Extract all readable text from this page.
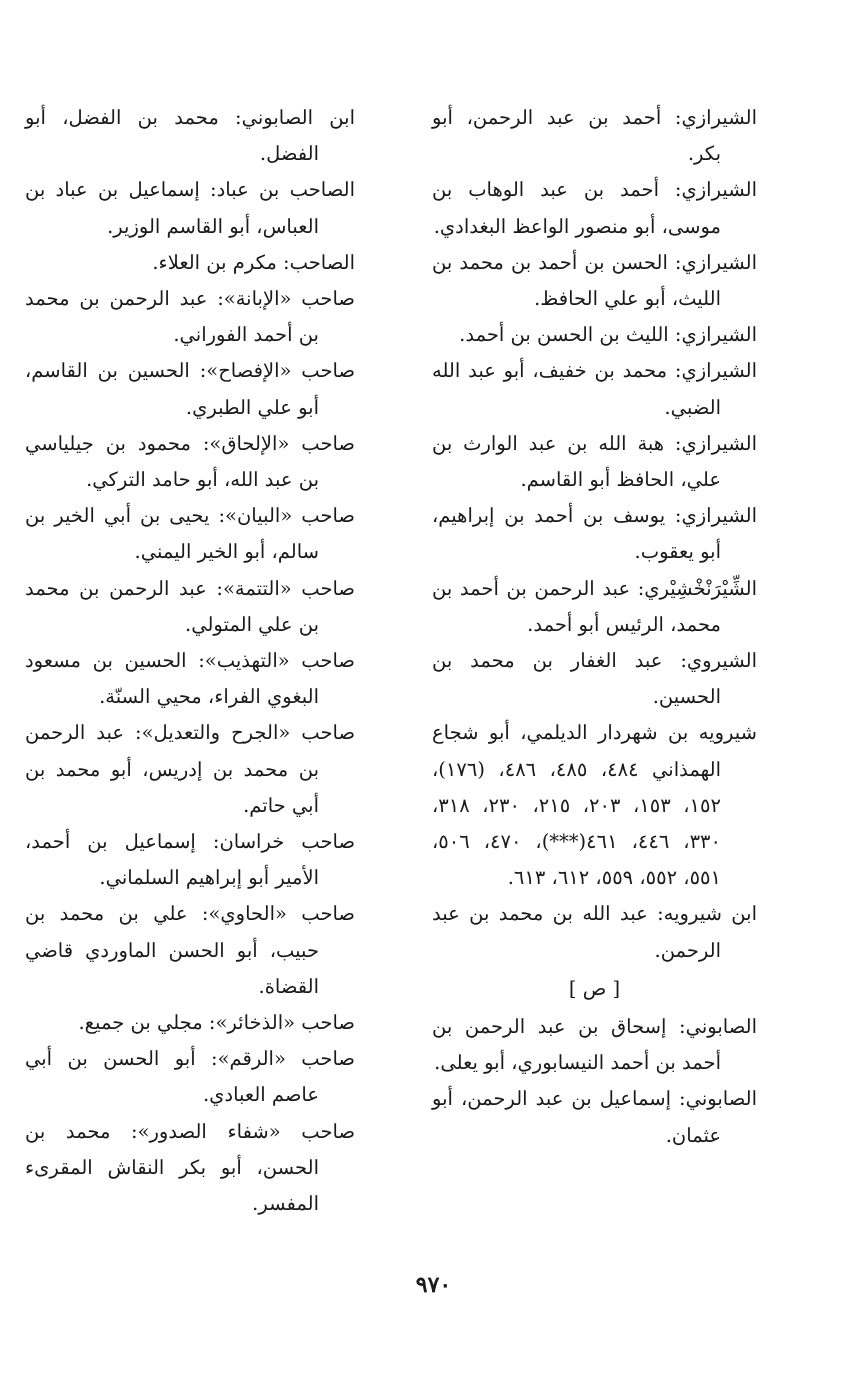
الشيرازي: أحمد بن عبد الرحمن، أبو بكر.
الشيرازي: أحمد بن عبد الوهاب بن موسى، أبو منصور الواعظ البغدادي.
الشيرازي: الحسن بن أحمد بن محمد بن الليث، أبو علي الحافظ.
الشيرازي: الليث بن الحسن بن أحمد.
الشيرازي: محمد بن خفيف، أبو عبد الله الضبي.
الشيرازي: هبة الله بن عبد الوارث بن علي، الحافظ أبو القاسم.
الشيرازي: يوسف بن أحمد بن إبراهيم، أبو يعقوب.
الشِّيْرَنْخْشِيْري: عبد الرحمن بن أحمد بن محمد، الرئيس أبو أحمد.
الشيروي: عبد الغفار بن محمد بن الحسين.
شيرويه بن شهردار الديلمي، أبو شجاع الهمذاني ٤٨٤، ٤٨٥، ٤٨٦، (١٧٦)، ١٥٢، ١٥٣، ٢٠٣، ٢١٥، ٢٣٠، ٣١٨، ٣٣٠، ٤٤٦، ٤٦١(***)، ٤٧٠، ٥٠٦، ٥٥١، ٥٥٢، ٥٥٩، ٦١٢، ٦١٣.
ابن شيرويه: عبد الله بن محمد بن عبد الرحمن.
[ ص ]
الصابوني: إسحاق بن عبد الرحمن بن أحمد بن أحمد النيسابوري، أبو يعلى.
الصابوني: إسماعيل بن عبد الرحمن، أبو عثمان.
ابن الصابوني: محمد بن الفضل، أبو الفضل.
الصاحب بن عباد: إسماعيل بن عباد بن العباس، أبو القاسم الوزير.
الصاحب: مكرم بن العلاء.
صاحب «الإبانة»: عبد الرحمن بن محمد بن أحمد الفوراني.
صاحب «الإفصاح»: الحسين بن القاسم، أبو علي الطبري.
صاحب «الإلحاق»: محمود بن جيلياسي بن عبد الله، أبو حامد التركي.
صاحب «البيان»: يحيى بن أبي الخير بن سالم، أبو الخير اليمني.
صاحب «التتمة»: عبد الرحمن بن محمد بن علي المتولي.
صاحب «التهذيب»: الحسين بن مسعود البغوي الفراء، محيي السنّة.
صاحب «الجرح والتعديل»: عبد الرحمن بن محمد بن إدريس، أبو محمد بن أبي حاتم.
صاحب خراسان: إسماعيل بن أحمد، الأمير أبو إبراهيم السلماني.
صاحب «الحاوي»: علي بن محمد بن حبيب، أبو الحسن الماوردي قاضي القضاة.
صاحب «الذخائر»: مجلي بن جميع.
صاحب «الرقم»: أبو الحسن بن أبي عاصم العبادي.
صاحب «شفاء الصدور»: محمد بن الحسن، أبو بكر النقاش المقرىء المفسر.
٩٧٠
